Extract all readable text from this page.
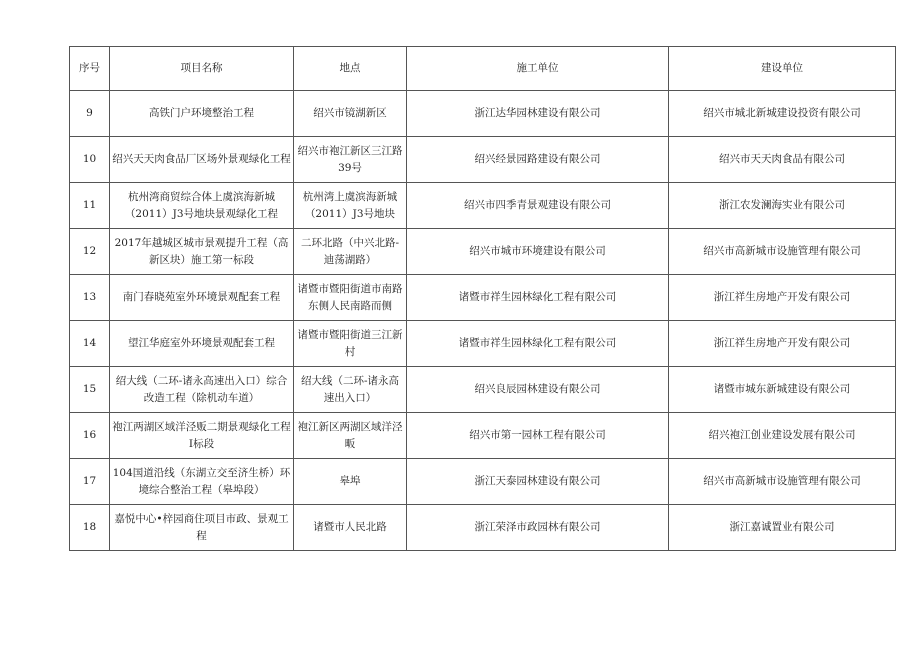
序号	项目名称	地点	施工单位	建设单位
9	高铁门户环境整治工程	绍兴市镜湖新区	浙江达华园林建设有限公司	绍兴市城北新城建设投资有限公司
10	绍兴天天肉食品厂区场外景观绿化工程	绍兴市袍江新区三江路39号	绍兴经景园路建设有限公司	绍兴市天天肉食品有限公司
11	杭州湾商贸综合体上虞滨海新城（2011）J3号地块景观绿化工程	杭州湾上虞滨海新城（2011）J3号地块	绍兴市四季青景观建设有限公司	浙江农发澜海实业有限公司
12	2017年越城区城市景观提升工程（高新区块）施工第一标段	二环北路（中兴北路-迪荡湖路）	绍兴市城市环境建设有限公司	绍兴市高新城市设施管理有限公司
13	南门春晓苑室外环境景观配套工程	诸暨市暨阳街道市南路东侧人民南路而侧	诸暨市祥生园林绿化工程有限公司	浙江祥生房地产开发有限公司
14	望江华庭室外环境景观配套工程	诸暨市暨阳街道三江新村	诸暨市祥生园林绿化工程有限公司	浙江祥生房地产开发有限公司
15	绍大线（二环-诸永高速出入口）综合改造工程（除机动车道）	绍大线（二环-诸永高速出入口）	绍兴良辰园林建设有限公司	诸暨市城东新城建设有限公司
16	袍江两湖区域洋泾贩二期景观绿化工程I标段	袍江新区两湖区域洋泾畈	绍兴市第一园林工程有限公司	绍兴袍江创业建设发展有限公司
17	104国道沿线（东湖立交至济生桥）环境综合整治工程（皋埠段）	皋埠	浙江天泰园林建设有限公司	绍兴市高新城市设施管理有限公司
18	嘉悦中心•梓园商住项目市政、景观工程	诸暨市人民北路	浙江荣泽市政园林有限公司	浙江嘉诚置业有限公司
